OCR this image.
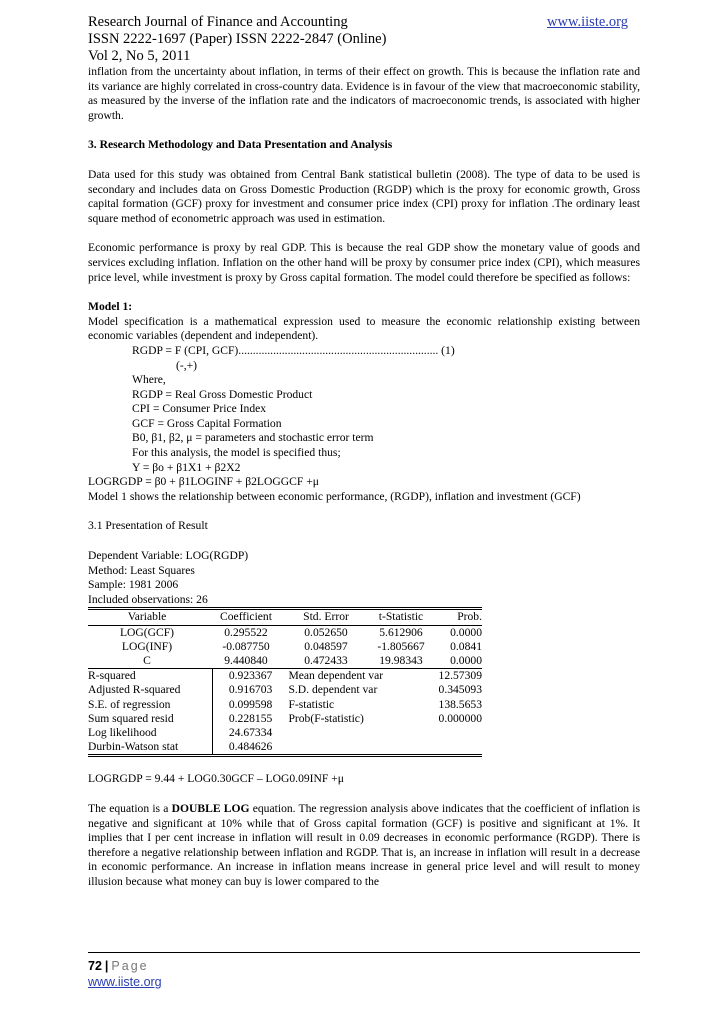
Research Journal of Finance and Accounting	www.iiste.org
ISSN 2222-1697 (Paper) ISSN 2222-2847 (Online)
Vol 2, No 5, 2011

inflation from the uncertainty about inflation, in terms of their effect on growth. This is because the inflation rate and its variance are highly correlated in cross-country data. Evidence is in favour of the view that macroeconomic stability, as measured by the inverse of the inflation rate and the indicators of macroeconomic trends, is associated with higher growth.

3. Research Methodology and Data Presentation and Analysis

Data used for this study was obtained from Central Bank statistical bulletin (2008). The type of data to be used is secondary and includes data on Gross Domestic Production (RGDP) which is the proxy for economic growth, Gross capital formation (GCF) proxy for investment and consumer price index (CPI) proxy for inflation .The ordinary least square method of econometric approach was used in estimation.

Economic performance is proxy by real GDP. This is because the real GDP show the monetary value of goods and services excluding inflation. Inflation on the other hand will be proxy by consumer price index (CPI), which measures price level, while investment is proxy by Gross capital formation. The model could therefore be specified as follows:

Model 1:

Model specification is a mathematical expression used to measure the economic relationship existing between economic variables (dependent and independent).

RGDP = F (CPI, GCF)..................................................................... (1)

(-,+)

Where,

RGDP = Real Gross Domestic Product

CPI = Consumer Price Index

GCF = Gross Capital Formation

B0, β1, β2, μ = parameters and stochastic error term

For this analysis, the model is specified thus;

Y = βo + β1X1 + β2X2

LOGRGDP = β0 + β1LOGINF + β2LOGGCF +μ

Model 1 shows the relationship between economic performance, (RGDP), inflation and investment (GCF)

3.1 Presentation of Result

Dependent Variable: LOG(RGDP)

Method: Least Squares

Sample: 1981 2006

Included observations: 26

Variable	Coefficient	Std. Error	t-Statistic	Prob.
LOG(GCF)	0.295522	0.052650	5.612906	0.0000
LOG(INF)	-0.087750	0.048597	-1.805667	0.0841
C	9.440840	0.472433	19.98343	0.0000
R-squared	0.923367	Mean dependent var	12.57309
Adjusted R-squared	0.916703	S.D. dependent var	0.345093
S.E. of regression	0.099598	F-statistic	138.5653
Sum squared resid	0.228155	Prob(F-statistic)	0.000000
Log likelihood	24.67334		
Durbin-Watson stat	0.484626		

LOGRGDP = 9.44 + LOG0.30GCF – LOG0.09INF +μ

The equation is a DOUBLE LOG equation. The regression analysis above indicates that the coefficient of inflation is negative and significant at 10% while that of Gross capital formation (GCF) is positive and significant at 1%. It implies that I per cent increase in inflation will result in 0.09 decreases in economic performance (RGDP). There is therefore a negative relationship between inflation and RGDP. That is, an increase in inflation will result in a decrease in economic performance. An increase in inflation means increase in general price level and will result to money illusion because what money can buy is lower compared to the

72 | Page
www.iiste.org
